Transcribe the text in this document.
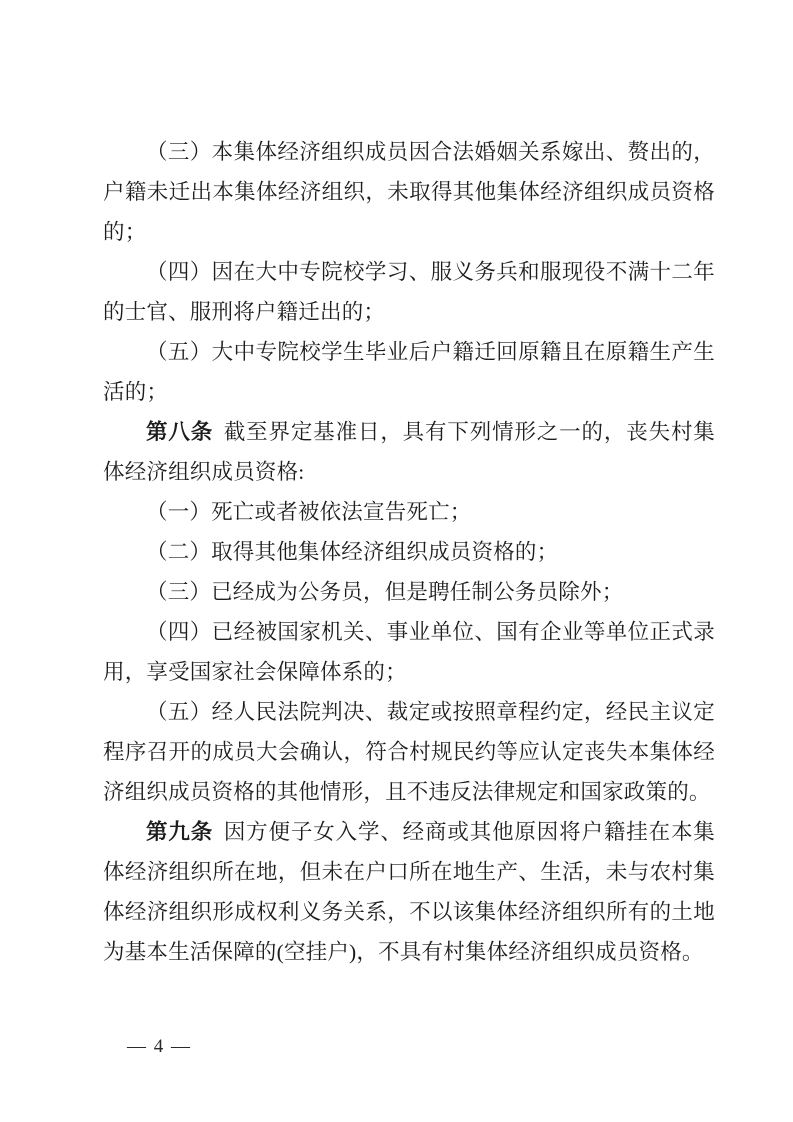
（三）本集体经济组织成员因合法婚姻关系嫁出、赘出的，户籍未迁出本集体经济组织，未取得其他集体经济组织成员资格的；

（四）因在大中专院校学习、服义务兵和服现役不满十二年的士官、服刑将户籍迁出的；

（五）大中专院校学生毕业后户籍迁回原籍且在原籍生产生活的；

第八条 截至界定基准日，具有下列情形之一的，丧失村集体经济组织成员资格:

（一）死亡或者被依法宣告死亡；

（二）取得其他集体经济组织成员资格的；

（三）已经成为公务员，但是聘任制公务员除外；

（四）已经被国家机关、事业单位、国有企业等单位正式录用，享受国家社会保障体系的；

（五）经人民法院判决、裁定或按照章程约定，经民主议定程序召开的成员大会确认，符合村规民约等应认定丧失本集体经济组织成员资格的其他情形，且不违反法律规定和国家政策的。

第九条 因方便子女入学、经商或其他原因将户籍挂在本集体经济组织所在地，但未在户口所在地生产、生活，未与农村集体经济组织形成权利义务关系，不以该集体经济组织所有的土地为基本生活保障的(空挂户)，不具有村集体经济组织成员资格。

— 4 —
